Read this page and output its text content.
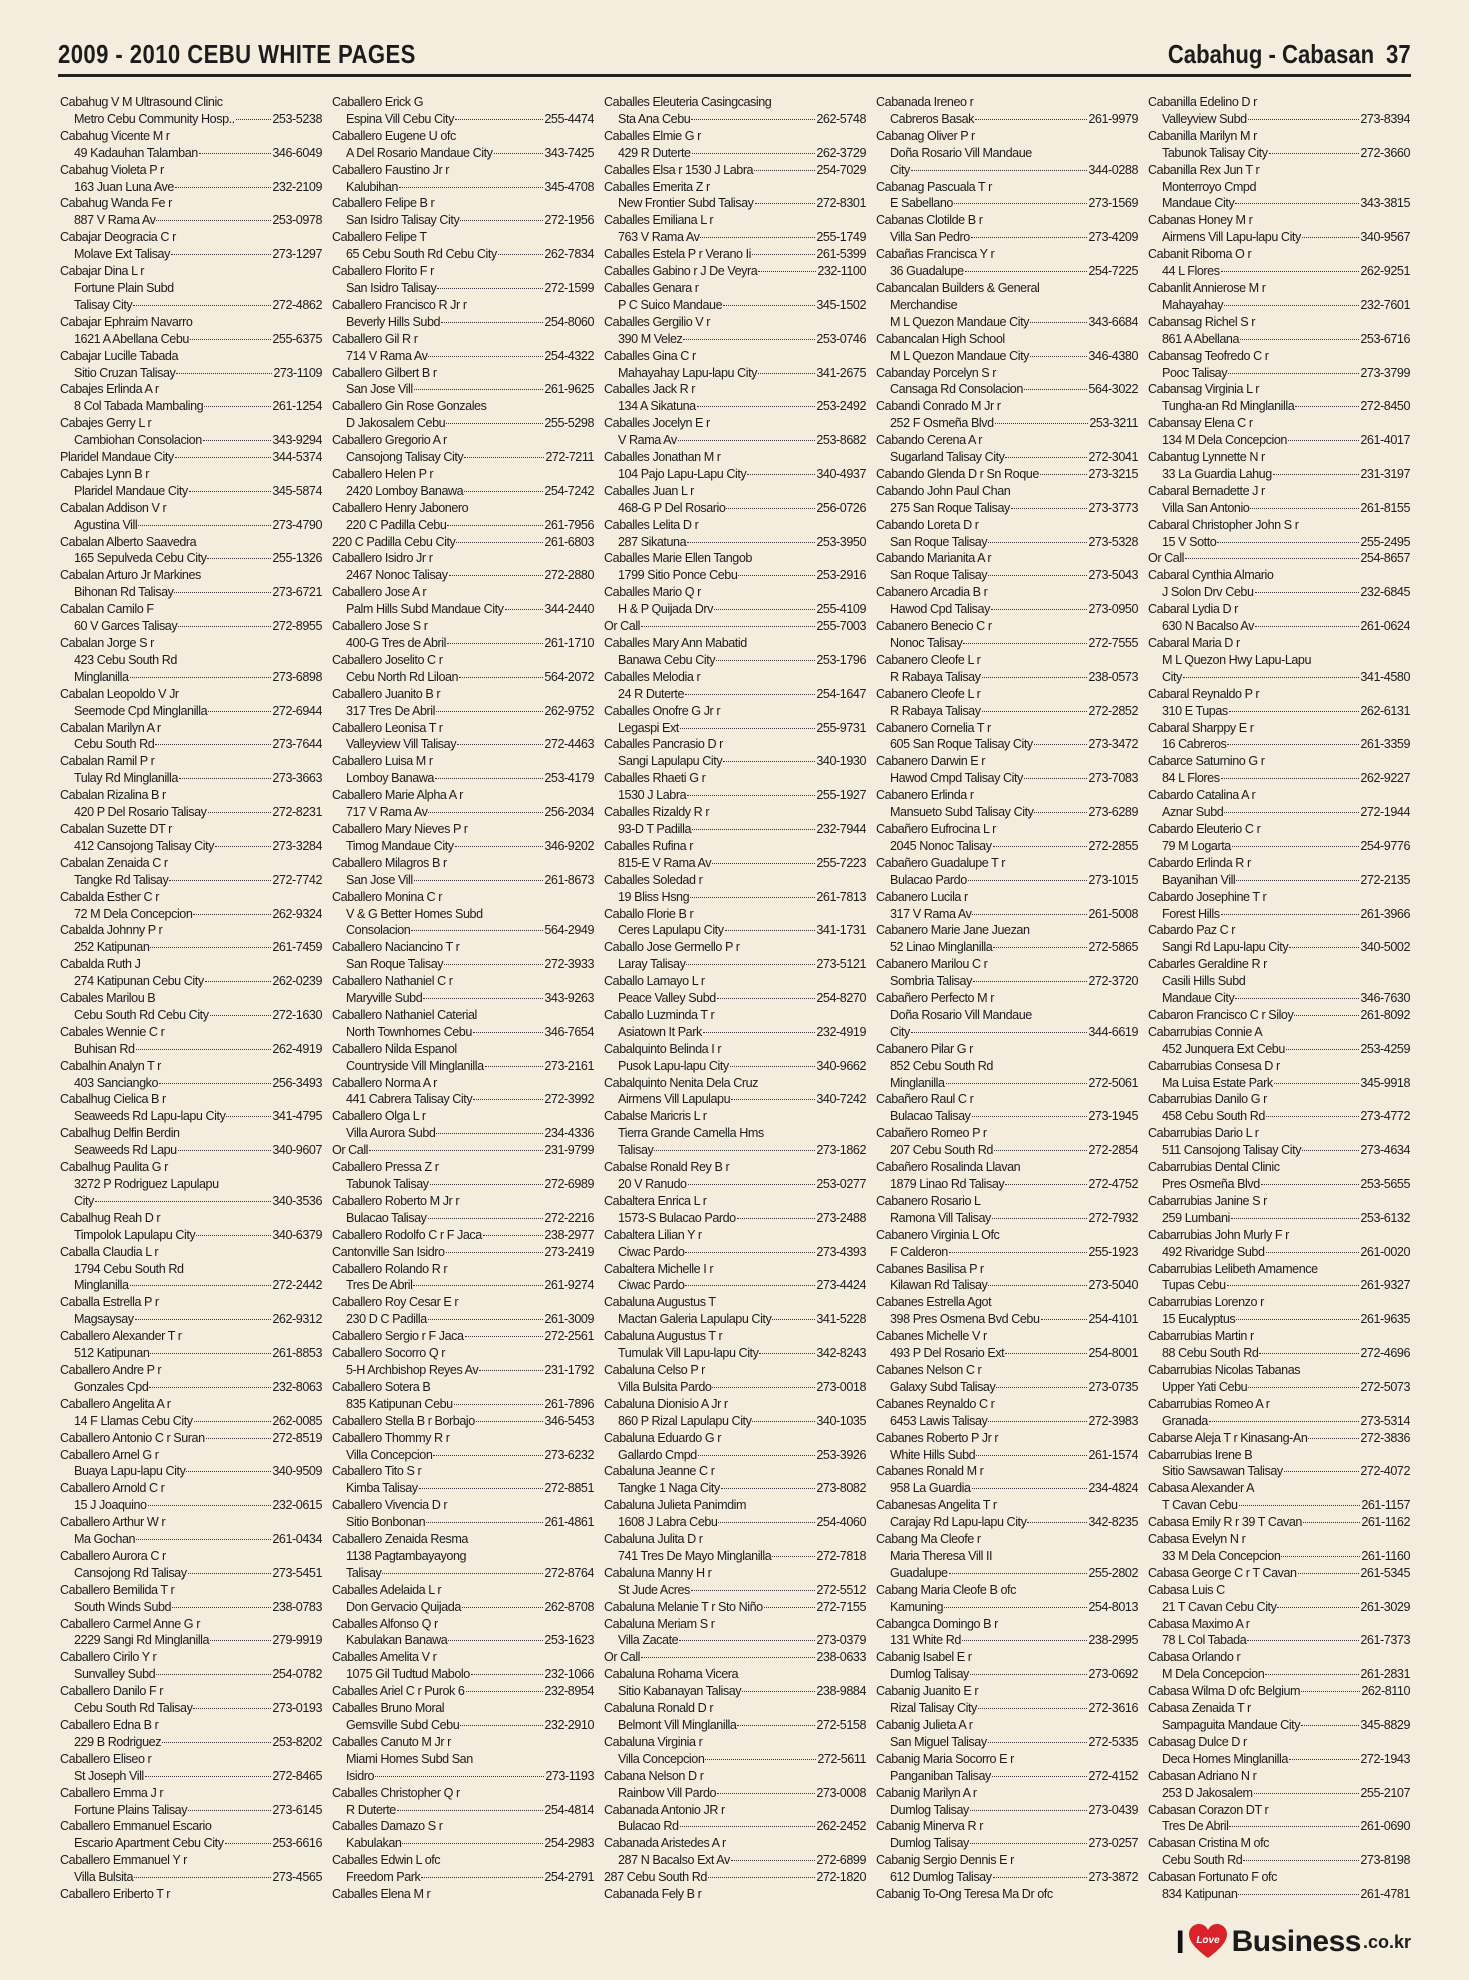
2009 - 2010 CEBU WHITE PAGES	Cabahug - Cabasan 37
Cabahug V M Ultrasound Clinic
Metro Cebu Community Hosp..	253-5238
Cabahug Vicente M r
49 Kadauhan Talamban	346-6049
Cabahug Violeta P r
163 Juan Luna Ave	232-2109
Cabahug Wanda Fe r
887 V Rama Av	253-0978
Cabajar Deogracia C r
Molave Ext Talisay	273-1297
Cabajar Dina L r
Fortune Plain Subd
Talisay City	272-4862
Cabajar Ephraim Navarro
1621 A Abellana Cebu	255-6375
Cabajar Lucille Tabada
Sitio Cruzan Talisay	273-1109
Cabajes Erlinda A r
8 Col Tabada Mambaling	261-1254
Cabajes Gerry L r
Cambiohan Consolacion	343-9294
Plaridel Mandaue City	344-5374
Cabajes Lynn B r
Plaridel Mandaue City	345-5874
Cabalan Addison V r
Agustina Vill	273-4790
Cabalan Alberto Saavedra
165 Sepulveda Cebu City	255-1326
Cabalan Arturo Jr Markines
Bihonan Rd Talisay	273-6721
Cabalan Camilo F
60 V Garces Talisay	272-8955
Cabalan Jorge S r
423 Cebu South Rd
Minglanilla	273-6898
Cabalan Leopoldo V Jr
Seemode Cpd Minglanilla	272-6944
Cabalan Marilyn A r
Cebu South Rd	273-7644
Cabalan Ramil P r
Tulay Rd Minglanilla	273-3663
Cabalan Rizalina B r
420 P Del Rosario Talisay	272-8231
Cabalan Suzette DT r
412 Cansojong Talisay City	273-3284
Cabalan Zenaida C r
Tangke Rd Talisay	272-7742
Cabalda Esther C r
72 M Dela Concepcion	262-9324
Cabalda Johnny P r
252 Katipunan	261-7459
Cabalda Ruth J
274 Katipunan Cebu City	262-0239
Cabales Marilou B
Cebu South Rd Cebu City	272-1630
Cabales Wennie C r
Buhisan Rd	262-4919
Cabalhin Analyn T r
403 Sanciangko	256-3493
Cabalhug Cielica B r
Seaweeds Rd Lapu-lapu City	341-4795
Cabalhug Delfin Berdin
Seaweeds Rd Lapu	340-9607
Cabalhug Paulita G r
3272 P Rodriguez Lapulapu
City	340-3536
Cabalhug Reah D r
Timpolok Lapulapu City	340-6379
Caballa Claudia L r
1794 Cebu South Rd
Minglanilla	272-2442
Caballa Estrella P r
Magsaysay	262-9312
Caballero Alexander T r
512 Katipunan	261-8853
Caballero Andre P r
Gonzales Cpd	232-8063
Caballero Angelita A r
14 F Llamas Cebu City	262-0085
Caballero Antonio C r Suran	272-8519
Caballero Arnel G r
Buaya Lapu-lapu City	340-9509
Caballero Arnold C r
15 J Joaquino	232-0615
Caballero Arthur W r
Ma Gochan	261-0434
Caballero Aurora C r
Cansojong Rd Talisay	273-5451
Caballero Bemilida T r
South Winds Subd	238-0783
Caballero Carmel Anne G r
2229 Sangi Rd Minglanilla	279-9919
Caballero Cirilo Y r
Sunvalley Subd	254-0782
Caballero Danilo F r
Cebu South Rd Talisay	273-0193
Caballero Edna B r
229 B Rodriguez	253-8202
Caballero Eliseo r
St Joseph Vill	272-8465
Caballero Emma J r
Fortune Plains Talisay	273-6145
Caballero Emmanuel Escario
Escario Apartment Cebu City	253-6616
Caballero Emmanuel Y r
Villa Bulsita	273-4565
Caballero Eriberto T r
Caballero Erick G
Espina Vill Cebu City	255-4474
Caballero Eugene U ofc
A Del Rosario Mandaue City	343-7425
Caballero Faustino Jr r
Kalubihan	345-4708
Caballero Felipe B r
San Isidro Talisay City	272-1956
Caballero Felipe T
65 Cebu South Rd Cebu City	262-7834
Caballero Florito F r
San Isidro Talisay	272-1599
Caballero Francisco R Jr r
Beverly Hills Subd	254-8060
Caballero Gil R r
714 V Rama Av	254-4322
Caballero Gilbert B r
San Jose Vill	261-9625
Caballero Gin Rose Gonzales
D Jakosalem Cebu	255-5298
Caballero Gregorio A r
Cansojong Talisay City	272-7211
Caballero Helen P r
2420 Lomboy Banawa	254-7242
Caballero Henry Jabonero
220 C Padilla Cebu	261-7956
220 C Padilla Cebu City	261-6803
Caballero Isidro Jr r
2467 Nonoc Talisay	272-2880
Caballero Jose A r
Palm Hills Subd Mandaue City	344-2440
Caballero Jose S r
400-G Tres de Abril	261-1710
Caballero Joselito C r
Cebu North Rd Liloan	564-2072
Caballero Juanito B r
317 Tres De Abril	262-9752
Caballero Leonisa T r
Valleyview Vill Talisay	272-4463
Caballero Luisa M r
Lomboy Banawa	253-4179
Caballero Marie Alpha A r
717 V Rama Av	256-2034
Caballero Mary Nieves P r
Timog Mandaue City	346-9202
Caballero Milagros B r
San Jose Vill	261-8673
Caballero Monina C r
V & G Better Homes Subd
Consolacion	564-2949
Caballero Naciancino T r
San Roque Talisay	272-3933
Caballero Nathaniel C r
Maryville Subd	343-9263
Caballero Nathaniel Caterial
North Townhomes Cebu	346-7654
Caballero Nilda Espanol
Countryside Vill Minglanilla	273-2161
Caballero Norma A r
441 Cabrera Talisay City	272-3992
Caballero Olga L r
Villa Aurora Subd	234-4336
Or Call	231-9799
Caballero Pressa Z r
Tabunok Talisay	272-6989
Caballero Roberto M Jr r
Bulacao Talisay	272-2216
Caballero Rodolfo C r F Jaca	238-2977
Cantonville San Isidro	273-2419
Caballero Rolando R r
Tres De Abril	261-9274
Caballero Roy Cesar E r
230 D C Padilla	261-3009
Caballero Sergio r F Jaca	272-2561
Caballero Socorro Q r
5-H Archbishop Reyes Av	231-1792
Caballero Sotera B
835 Katipunan Cebu	261-7896
Caballero Stella B r Borbajo	346-5453
Caballero Thommy R r
Villa Concepcion	273-6232
Caballero Tito S r
Kimba Talisay	272-8851
Caballero Vivencia D r
Sitio Bonbonan	261-4861
Caballero Zenaida Resma
1138 Pagtambayayong
Talisay	272-8764
Caballes Adelaida L r
Don Gervacio Quijada	262-8708
Caballes Alfonso Q r
Kabulakan Banawa	253-1623
Caballes Amelita V r
1075 Gil Tudtud Mabolo	232-1066
Caballes Ariel C r Purok 6	232-8954
Caballes Bruno Moral
Gemsville Subd Cebu	232-2910
Caballes Canuto M Jr r
Miami Homes Subd San
Isidro	273-1193
Caballes Christopher Q r
R Duterte	254-4814
Caballes Damazo S r
Kabulakan	254-2983
Caballes Edwin L ofc
Freedom Park	254-2791
Caballes Elena M r
Caballes Eleuteria Casingcasing
Sta Ana Cebu	262-5748
Caballes Elmie G r
429 R Duterte	262-3729
Caballes Elsa r 1530 J Labra	254-7029
Caballes Emerita Z r
New Frontier Subd Talisay	272-8301
Caballes Emiliana L r
763 V Rama Av	255-1749
Caballes Estela P r Verano Ii	261-5399
Caballes Gabino r J De Veyra	232-1100
Caballes Genara r
P C Suico Mandaue	345-1502
Caballes Gergilio V r
390 M Velez	253-0746
Caballes Gina C r
Mahayahay Lapu-lapu City	341-2675
Caballes Jack R r
134 A Sikatuna	253-2492
Caballes Jocelyn E r
V Rama Av	253-8682
Caballes Jonathan M r
104 Pajo Lapu-Lapu City	340-4937
Caballes Juan L r
468-G P Del Rosario	256-0726
Caballes Lelita D r
287 Sikatuna	253-3950
Caballes Marie Ellen Tangob
1799 Sitio Ponce Cebu	253-2916
Caballes Mario Q r
H & P Quijada Drv	255-4109
Or Call	255-7003
Caballes Mary Ann Mabatid
Banawa Cebu City	253-1796
Caballes Melodia r
24 R Duterte	254-1647
Caballes Onofre G Jr r
Legaspi Ext	255-9731
Caballes Pancrasio D r
Sangi Lapulapu City	340-1930
Caballes Rhaeti G r
1530 J Labra	255-1927
Caballes Rizaldy R r
93-D T Padilla	232-7944
Caballes Rufina r
815-E V Rama Av	255-7223
Caballes Soledad r
19 Bliss Hsng	261-7813
Caballo Florie B r
Ceres Lapulapu City	341-1731
Caballo Jose Germello P r
Laray Talisay	273-5121
Caballo Lamayo L r
Peace Valley Subd	254-8270
Caballo Luzminda T r
Asiatown It Park	232-4919
Cabalquinto Belinda I r
Pusok Lapu-lapu City	340-9662
Cabalquinto Nenita Dela Cruz
Airmens Vill Lapulapu	340-7242
Cabalse Maricris L r
Tierra Grande Camella Hms
Talisay	273-1862
Cabalse Ronald Rey B r
20 V Ranudo	253-0277
Cabaltera Enrica L r
1573-S Bulacao Pardo	273-2488
Cabaltera Lilian Y r
Ciwac Pardo	273-4393
Cabaltera Michelle I r
Ciwac Pardo	273-4424
Cabaluna Augustus T
Mactan Galeria Lapulapu City	341-5228
Cabaluna Augustus T r
Tumulak Vill Lapu-lapu City	342-8243
Cabaluna Celso P r
Villa Bulsita Pardo	273-0018
Cabaluna Dionisio A Jr r
860 P Rizal Lapulapu City	340-1035
Cabaluna Eduardo G r
Gallardo Cmpd	253-3926
Cabaluna Jeanne C r
Tangke 1 Naga City	273-8082
Cabaluna Julieta Panimdim
1608 J Labra Cebu	254-4060
Cabaluna Julita D r
741 Tres De Mayo Minglanilla	272-7818
Cabaluna Manny H r
St Jude Acres	272-5512
Cabaluna Melanie T r Sto Niño	272-7155
Cabaluna Meriam S r
Villa Zacate	273-0379
Or Call	238-0633
Cabaluna Rohama Vicera
Sitio Kabanayan Talisay	238-9884
Cabaluna Ronald D r
Belmont Vill Minglanilla	272-5158
Cabaluna Virginia r
Villa Concepcion	272-5611
Cabana Nelson D r
Rainbow Vill Pardo	273-0008
Cabanada Antonio JR r
Bulacao Rd	262-2452
Cabanada Aristedes A r
287 N Bacalso Ext Av	272-6899
287 Cebu South Rd	272-1820
Cabanada Fely B r
Cabanada Ireneo r
Cabreros Basak	261-9979
Cabanag Oliver P r
Doña Rosario Vill Mandaue
City	344-0288
Cabanag Pascuala T r
E Sabellano	273-1569
Cabanas Clotilde B r
Villa San Pedro	273-4209
Cabañas Francisca Y r
36 Guadalupe	254-7225
Cabancalan Builders & General
Merchandise
M L Quezon Mandaue City	343-6684
Cabancalan High School
M L Quezon Mandaue City	346-4380
Cabanday Porcelyn S r
Cansaga Rd Consolacion	564-3022
Cabandi Conrado M Jr r
252 F Osmeña Blvd	253-3211
Cabando Cerena A r
Sugarland Talisay City	272-3041
Cabando Glenda D r Sn Roque	273-3215
Cabando John Paul Chan
275 San Roque Talisay	273-3773
Cabando Loreta D r
San Roque Talisay	273-5328
Cabando Marianita A r
San Roque Talisay	273-5043
Cabanero Arcadia B r
Hawod Cpd Talisay	273-0950
Cabanero Benecio C r
Nonoc Talisay	272-7555
Cabanero Cleofe L r
R Rabaya Talisay	238-0573
Cabanero Cleofe L r
R Rabaya Talisay	272-2852
Cabanero Cornelia T r
605 San Roque Talisay City	273-3472
Cabanero Darwin E r
Hawod Cmpd Talisay City	273-7083
Cabanero Erlinda r
Mansueto Subd Talisay City	273-6289
Cabañero Eufrocina L r
2045 Nonoc Talisay	272-2855
Cabañero Guadalupe T r
Bulacao Pardo	273-1015
Cabanero Lucila r
317 V Rama Av	261-5008
Cabanero Marie Jane Juezan
52 Linao Minglanilla	272-5865
Cabanero Marilou C r
Sombria Talisay	272-3720
Cabañero Perfecto M r
Doña Rosario Vill Mandaue
City	344-6619
Cabanero Pilar G r
852 Cebu South Rd
Minglanilla	272-5061
Cabañero Raul C r
Bulacao Talisay	273-1945
Cabañero Romeo P r
207 Cebu South Rd	272-2854
Cabañero Rosalinda Llavan
1879 Linao Rd Talisay	272-4752
Cabanero Rosario L
Ramona Vill Talisay	272-7932
Cabanero Virginia L Ofc
F Calderon	255-1923
Cabanes Basilisa P r
Kilawan Rd Talisay	273-5040
Cabanes Estrella Agot
398 Pres Osmena Bvd Cebu	254-4101
Cabanes Michelle V r
493 P Del Rosario Ext	254-8001
Cabanes Nelson C r
Galaxy Subd Talisay	273-0735
Cabanes Reynaldo C r
6453 Lawis Talisay	272-3983
Cabanes Roberto P Jr r
White Hills Subd	261-1574
Cabanes Ronald M r
958 La Guardia	234-4824
Cabanesas Angelita T r
Carajay Rd Lapu-lapu City	342-8235
Cabang Ma Cleofe r
Maria Theresa Vill II
Guadalupe	255-2802
Cabang Maria Cleofe B ofc
Kamuning	254-8013
Cabangca Domingo B r
131 White Rd	238-2995
Cabanig Isabel E r
Dumlog Talisay	273-0692
Cabanig Juanito E r
Rizal Talisay City	272-3616
Cabanig Julieta A r
San Miguel Talisay	272-5335
Cabanig Maria Socorro E r
Panganiban Talisay	272-4152
Cabanig Marilyn A r
Dumlog Talisay	273-0439
Cabanig Minerva R r
Dumlog Talisay	273-0257
Cabanig Sergio Dennis E r
612 Dumlog Talisay	273-3872
Cabanig To-Ong Teresa Ma Dr ofc
Cabanilla Edelino D r
Valleyview Subd	273-8394
Cabanilla Marilyn M r
Tabunok Talisay City	272-3660
Cabanilla Rex Jun T r
Monterroyo Cmpd
Mandaue City	343-3815
Cabanas Honey M r
Airmens Vill Lapu-lapu City	340-9567
Cabanit Riboma O r
44 L Flores	262-9251
Cabanlit Annierose M r
Mahayahay	232-7601
Cabansag Richel S r
861 A Abellana	253-6716
Cabansag Teofredo C r
Pooc Talisay	273-3799
Cabansag Virginia L r
Tungha-an Rd Minglanilla	272-8450
Cabansay Elena C r
134 M Dela Concepcion	261-4017
Cabantug Lynnette N r
33 La Guardia Lahug	231-3197
Cabaral Bernadette J r
Villa San Antonio	261-8155
Cabaral Christopher John S r
15 V Sotto	255-2495
Or Call	254-8657
Cabaral Cynthia Almario
J Solon Drv Cebu	232-6845
Cabaral Lydia D r
630 N Bacalso Av	261-0624
Cabaral Maria D r
M L Quezon Hwy Lapu-Lapu
City	341-4580
Cabaral Reynaldo P r
310 E Tupas	262-6131
Cabaral Sharppy E r
16 Cabreros	261-3359
Cabarce Saturnino G r
84 L Flores	262-9227
Cabardo Catalina A r
Aznar Subd	272-1944
Cabardo Eleuterio C r
79 M Logarta	254-9776
Cabardo Erlinda R r
Bayanihan Vill	272-2135
Cabardo Josephine T r
Forest Hills	261-3966
Cabardo Paz C r
Sangi Rd Lapu-lapu City	340-5002
Cabarles Geraldine R r
Casili Hills Subd
Mandaue City	346-7630
Cabaron Francisco C r Siloy	261-8092
Cabarrubias Connie A
452 Junquera Ext Cebu	253-4259
Cabarrubias Consesa D r
Ma Luisa Estate Park	345-9918
Cabarrubias Danilo G r
458 Cebu South Rd	273-4772
Cabarrubias Dario L r
511 Cansojong Talisay City	273-4634
Cabarrubias Dental Clinic
Pres Osmeña Blvd	253-5655
Cabarrubias Janine S r
259 Lumbani	253-6132
Cabarrubias John Murly F r
492 Rivaridge Subd	261-0020
Cabarrubias Lelibeth Amamence
Tupas Cebu	261-9327
Cabarrubias Lorenzo r
15 Eucalyptus	261-9635
Cabarrubias Martin r
88 Cebu South Rd	272-4696
Cabarrubias Nicolas Tabanas
Upper Yati Cebu	272-5073
Cabarrubias Romeo A r
Granada	273-5314
Cabarse Aleja T r Kinasang-An	272-3836
Cabarrubias Irene B
Sitio Sawsawan Talisay	272-4072
Cabasa Alexander A
T Cavan Cebu	261-1157
Cabasa Emily R r 39 T Cavan	261-1162
Cabasa Evelyn N r
33 M Dela Concepcion	261-1160
Cabasa George C r T Cavan	261-5345
Cabasa Luis C
21 T Cavan Cebu City	261-3029
Cabasa Maximo A r
78 L Col Tabada	261-7373
Cabasa Orlando r
M Dela Concepcion	261-2831
Cabasa Wilma D ofc Belgium	262-8110
Cabasa Zenaida T r
Sampaguita Mandaue City	345-8829
Cabasag Dulce D r
Deca Homes Minglanilla	272-1943
Cabasan Adriano N r
253 D Jakosalem	255-2107
Cabasan Corazon DT r
Tres De Abril	261-0690
Cabasan Cristina M ofc
Cebu South Rd	273-8198
Cabasan Fortunato F ofc
834 Katipunan	261-4781
I Love Business .co.kr
